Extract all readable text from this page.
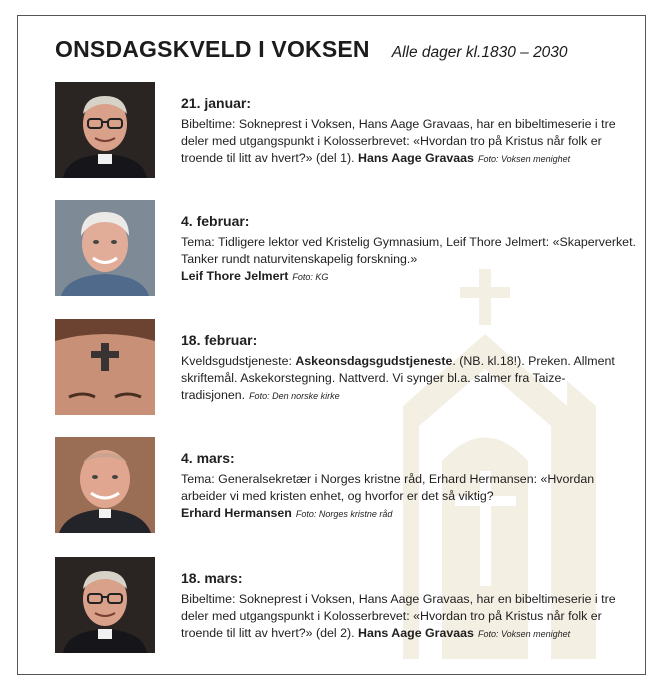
ONSDAGSKVELD I VOKSEN Alle dager kl.1830 – 2030
21. januar:
Bibeltime: Sokneprest i Voksen, Hans Aage Gravaas, har en bibeltimeserie i tre deler med utgangspunkt i Kolosserbrevet: «Hvordan tro på Kristus når folk er troende til litt av hvert?» (del 1). Hans Aage Gravaas Foto: Voksen menighet
4. februar:
Tema: Tidligere lektor ved Kristelig Gymnasium, Leif Thore Jelmert: «Skaperverket. Tanker rundt naturvitenskapelig forskning.»
Leif Thore Jelmert Foto: KG
18. februar:
Kveldsgudstjeneste: Askeonsdagsgudstjeneste. (NB. kl.18!). Preken. Allment skriftemål. Askekorstegning. Nattverd. Vi synger bl.a. salmer fra Taize-tradisjonen. Foto: Den norske kirke
4. mars:
Tema: Generalsekretær i Norges kristne råd, Erhard Hermansen: «Hvordan arbeider vi med kristen enhet, og hvorfor er det så viktig?
Erhard Hermansen Foto: Norges kristne råd
18. mars:
Bibeltime: Sokneprest i Voksen, Hans Aage Gravaas, har en bibeltimeserie i tre deler med utgangspunkt i Kolosserbrevet: «Hvordan tro på Kristus når folk er troende til litt av hvert?» (del 2). Hans Aage Gravaas Foto: Voksen menighet
